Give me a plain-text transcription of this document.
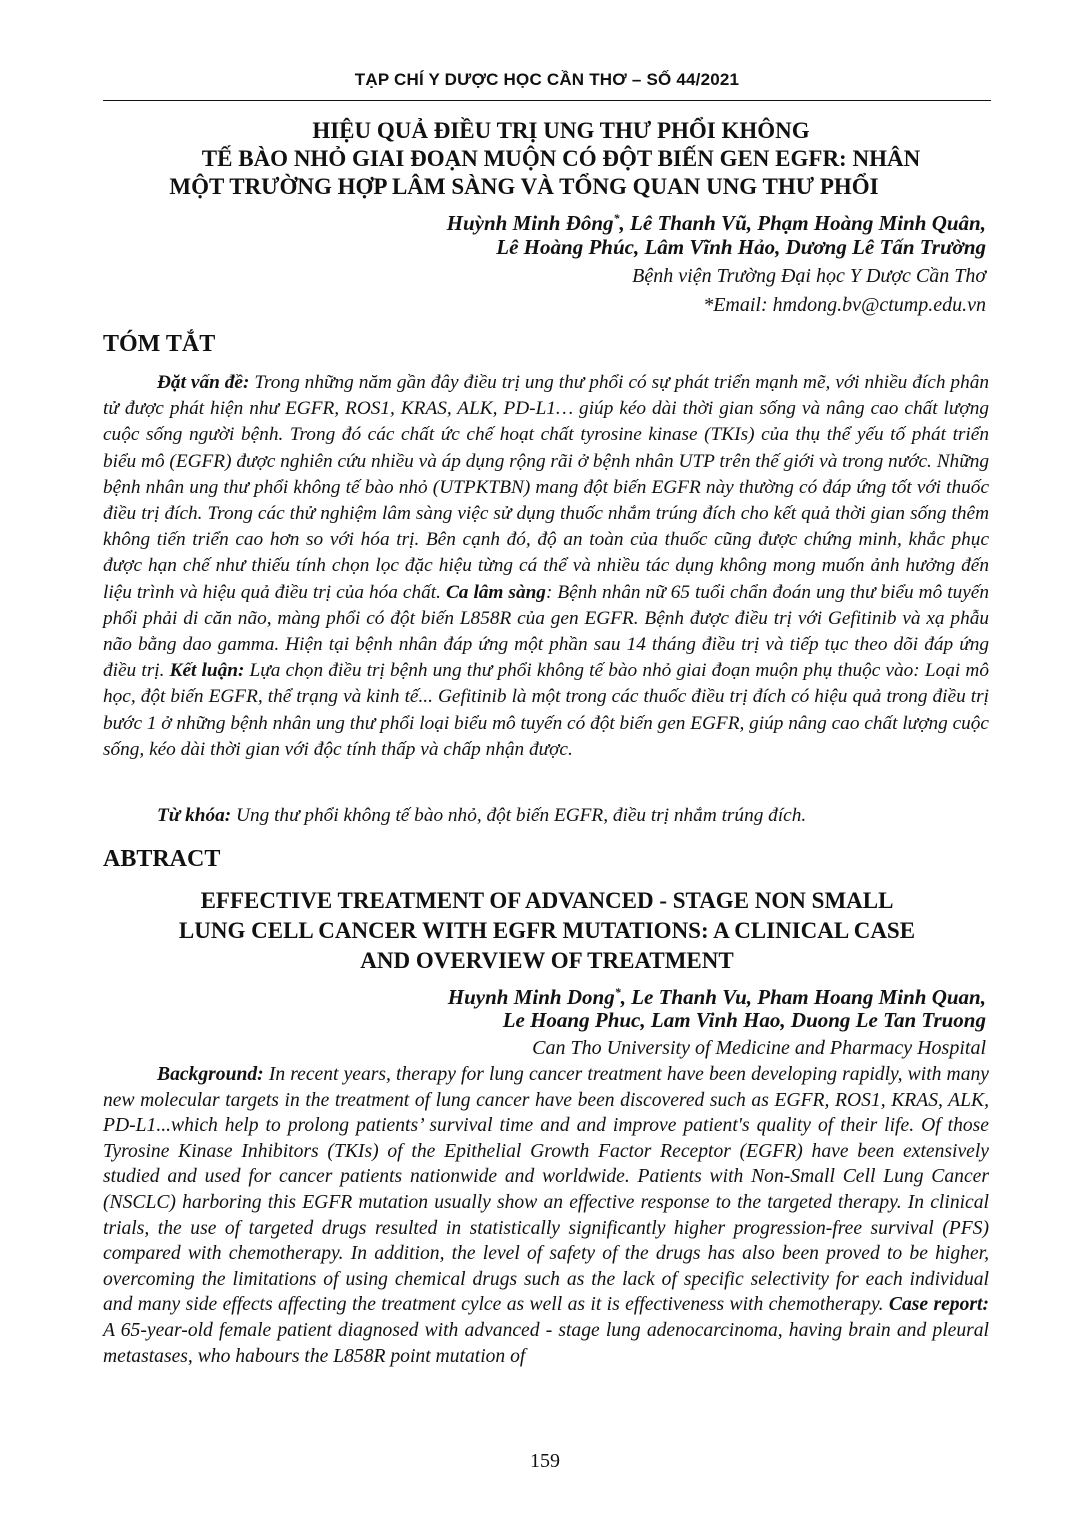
TẠP CHÍ Y DƯỢC HỌC CẦN THƠ – SỐ 44/2021
HIỆU QUẢ ĐIỀU TRỊ UNG THƯ PHỔI KHÔNG
TẾ BÀO NHỎ GIAI ĐOẠN MUỘN CÓ ĐỘT BIẾN GEN EGFR: NHÂN
MỘT TRƯỜNG HỢP LÂM SÀNG VÀ TỔNG QUAN UNG THƯ PHỔI
Huỳnh Minh Đông*, Lê Thanh Vũ, Phạm Hoàng Minh Quân,
Lê Hoàng Phúc, Lâm Vĩnh Hảo, Dương Lê Tấn Trường
Bệnh viện Trường Đại học Y Dược Cần Thơ
*Email: hmdong.bv@ctump.edu.vn
TÓM TẮT

Đặt vấn đề: Trong những năm gần đây điều trị ung thư phổi có sự phát triển mạnh mẽ, với nhiều đích phân tử được phát hiện như EGFR, ROS1, KRAS, ALK, PD-L1… giúp kéo dài thời gian sống và nâng cao chất lượng cuộc sống người bệnh. Trong đó các chất ức chế hoạt chất tyrosine kinase (TKIs) của thụ thể yếu tố phát triển biểu mô (EGFR) được nghiên cứu nhiều và áp dụng rộng rãi ở bệnh nhân UTP trên thế giới và trong nước. Những bệnh nhân ung thư phổi không tế bào nhỏ (UTPKTBN) mang đột biến EGFR này thường có đáp ứng tốt với thuốc điều trị đích. Trong các thử nghiệm lâm sàng việc sử dụng thuốc nhắm trúng đích cho kết quả thời gian sống thêm không tiến triển cao hơn so với hóa trị. Bên cạnh đó, độ an toàn của thuốc cũng được chứng minh, khắc phục được hạn chế như thiếu tính chọn lọc đặc hiệu từng cá thể và nhiều tác dụng không mong muốn ảnh hưởng đến liệu trình và hiệu quả điều trị của hóa chất. Ca lâm sàng: Bệnh nhân nữ 65 tuổi chẩn đoán ung thư biểu mô tuyến phổi phải di căn não, màng phổi có đột biến L858R của gen EGFR. Bệnh được điều trị với Gefitinib và xạ phẫu não bằng dao gamma. Hiện tại bệnh nhân đáp ứng một phần sau 14 tháng điều trị và tiếp tục theo dõi đáp ứng điều trị. Kết luận: Lựa chọn điều trị bệnh ung thư phổi không tế bào nhỏ giai đoạn muộn phụ thuộc vào: Loại mô học, đột biến EGFR, thể trạng và kinh tế... Gefitinib là một trong các thuốc điều trị đích có hiệu quả trong điều trị bước 1 ở những bệnh nhân ung thư phổi loại biểu mô tuyến có đột biến gen EGFR, giúp nâng cao chất lượng cuộc sống, kéo dài thời gian với độc tính thấp và chấp nhận được.

Từ khóa: Ung thư phổi không tế bào nhỏ, đột biến EGFR, điều trị nhắm trúng đích.

ABTRACT
EFFECTIVE TREATMENT OF ADVANCED - STAGE NON SMALL
LUNG CELL CANCER WITH EGFR MUTATIONS: A CLINICAL CASE
AND OVERVIEW OF TREATMENT
Huynh Minh Dong*, Le Thanh Vu, Pham Hoang Minh Quan,
Le Hoang Phuc, Lam Vinh Hao, Duong Le Tan Truong
Can Tho University of Medicine and Pharmacy Hospital

Background: In recent years, therapy for lung cancer treatment have been developing rapidly, with many new molecular targets in the treatment of lung cancer have been discovered such as EGFR, ROS1, KRAS, ALK, PD-L1...which help to prolong patients’ survival time and and improve patient's quality of their life. Of those Tyrosine Kinase Inhibitors (TKIs) of the Epithelial Growth Factor Receptor (EGFR) have been extensively studied and used for cancer patients nationwide and worldwide. Patients with Non-Small Cell Lung Cancer (NSCLC) harboring this EGFR mutation usually show an effective response to the targeted therapy. In clinical trials, the use of targeted drugs resulted in statistically significantly higher progression-free survival (PFS) compared with chemotherapy. In addition, the level of safety of the drugs has also been proved to be higher, overcoming the limitations of using chemical drugs such as the lack of specific selectivity for each individual and many side effects affecting the treatment cylce as well as it is effectiveness with chemotherapy. Case report: A 65-year-old female patient diagnosed with advanced - stage lung adenocarcinoma, having brain and pleural metastases, who habours the L858R point mutation of

159
